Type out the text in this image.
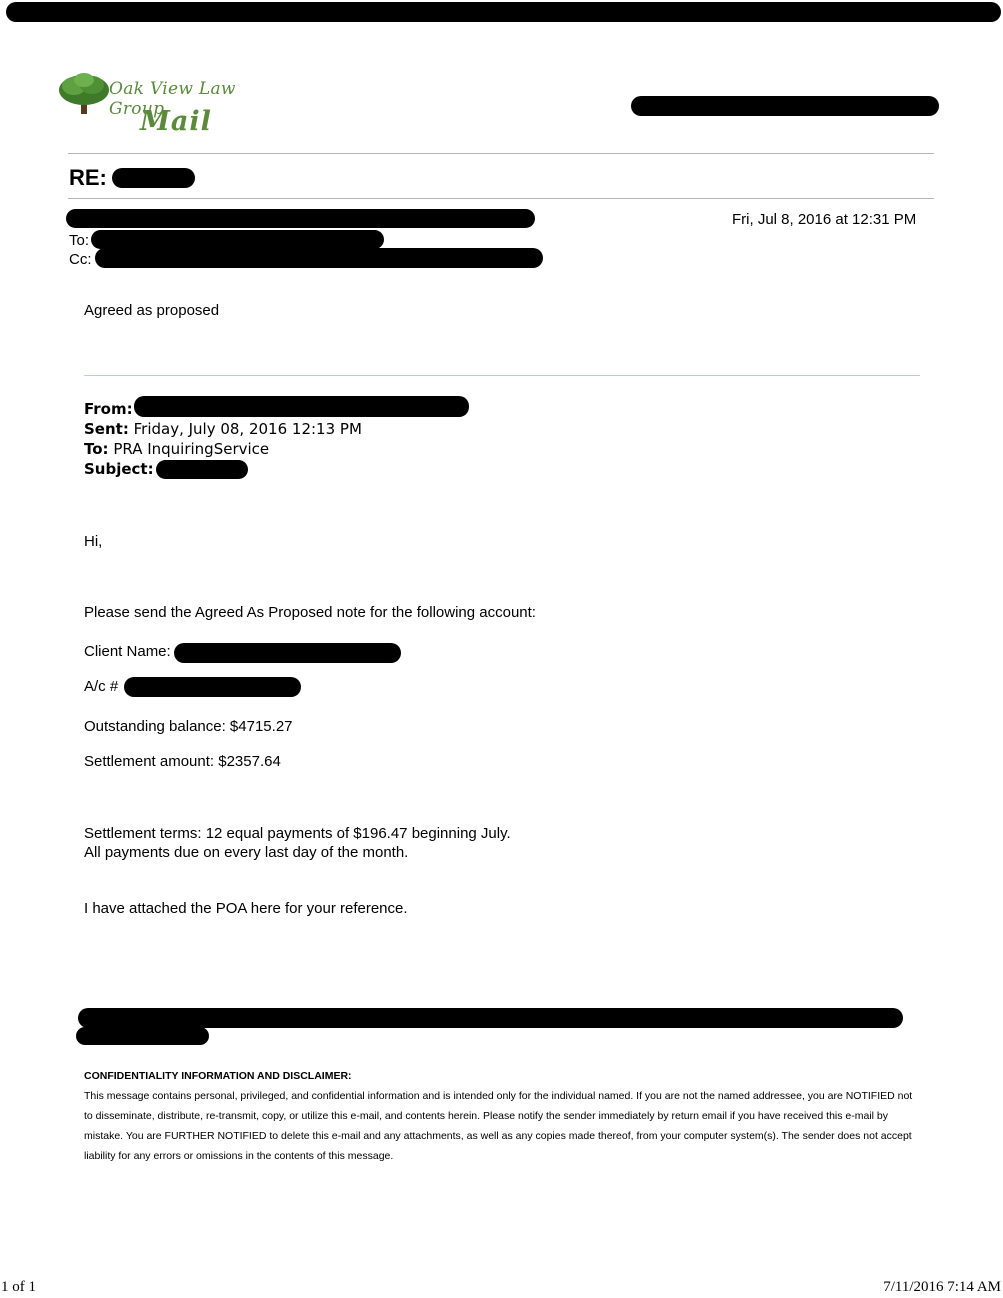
Oak View Law Group
Mail
RE:
Fri, Jul 8, 2016 at 12:31 PM
To:
Cc:
Agreed as proposed
From:
Sent: Friday, July 08, 2016 12:13 PM
To: PRA InquiringService
Subject:
Hi,
Please send the Agreed As Proposed note for the following account:
Client Name:
A/c #
Outstanding balance: $4715.27
Settlement amount: $2357.64
Settlement terms: 12 equal payments of $196.47 beginning July.
All payments due on every last day of the month.
I have attached the POA here for your reference.
CONFIDENTIALITY INFORMATION AND DISCLAIMER:
This message contains personal, privileged, and confidential information and is intended only for the individual named. If you are not the named addressee, you are NOTIFIED not to disseminate, distribute, re-transmit, copy, or utilize this e-mail, and contents herein. Please notify the sender immediately by return email if you have received this e-mail by mistake. You are FURTHER NOTIFIED to delete this e-mail and any attachments, as well as any copies made thereof, from your computer system(s). The sender does not accept liability for any errors or omissions in the contents of this message.
1 of 1	7/11/2016 7:14 AM
